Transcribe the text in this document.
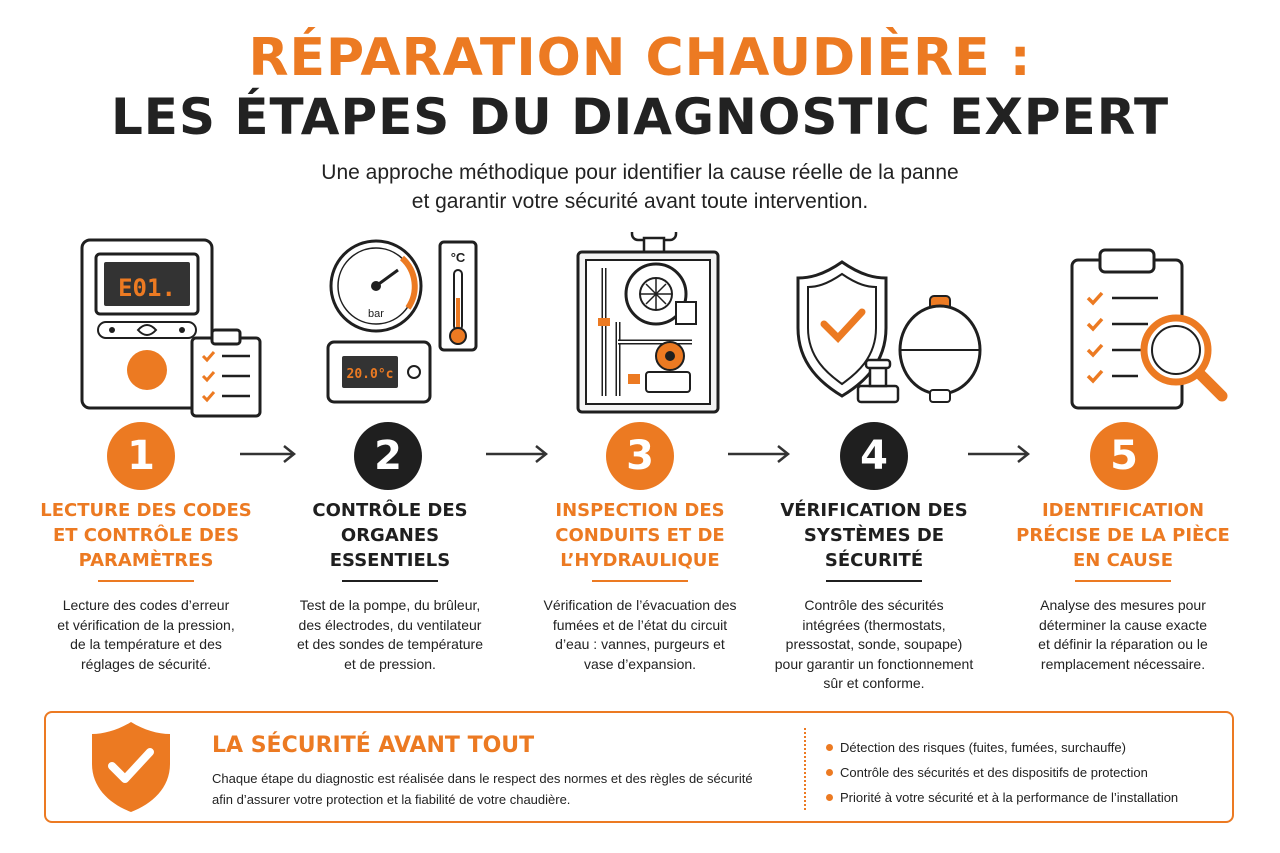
RÉPARATION CHAUDIÈRE :
LES ÉTAPES DU DIAGNOSTIC EXPERT
Une approche méthodique pour identifier la cause réelle de la panne
et garantir votre sécurité avant toute intervention.
E01.
bar
°C
20.0°c
1	2	3	4	5
LECTURE DES CODES
ET CONTRÔLE DES
PARAMÈTRES
CONTRÔLE DES
ORGANES
ESSENTIELS
INSPECTION DES
CONDUITS ET DE
L’HYDRAULIQUE
VÉRIFICATION DES
SYSTÈMES DE
SÉCURITÉ
IDENTIFICATION
PRÉCISE DE LA PIÈCE
EN CAUSE
Lecture des codes d’erreur
et vérification de la pression,
de la température et des
réglages de sécurité.
Test de la pompe, du brûleur,
des électrodes, du ventilateur
et des sondes de température
et de pression.
Vérification de l’évacuation des
fumées et de l’état du circuit
d’eau : vannes, purgeurs et
vase d’expansion.
Contrôle des sécurités
intégrées (thermostats,
pressostat, sonde, soupape)
pour garantir un fonctionnement
sûr et conforme.
Analyse des mesures pour
déterminer la cause exacte
et définir la réparation ou le
remplacement nécessaire.
LA SÉCURITÉ AVANT TOUT
Chaque étape du diagnostic est réalisée dans le respect des normes et des règles de sécurité
afin d’assurer votre protection et la fiabilité de votre chaudière.
Détection des risques (fuites, fumées, surchauffe)
Contrôle des sécurités et des dispositifs de protection
Priorité à votre sécurité et à la performance de l’installation
